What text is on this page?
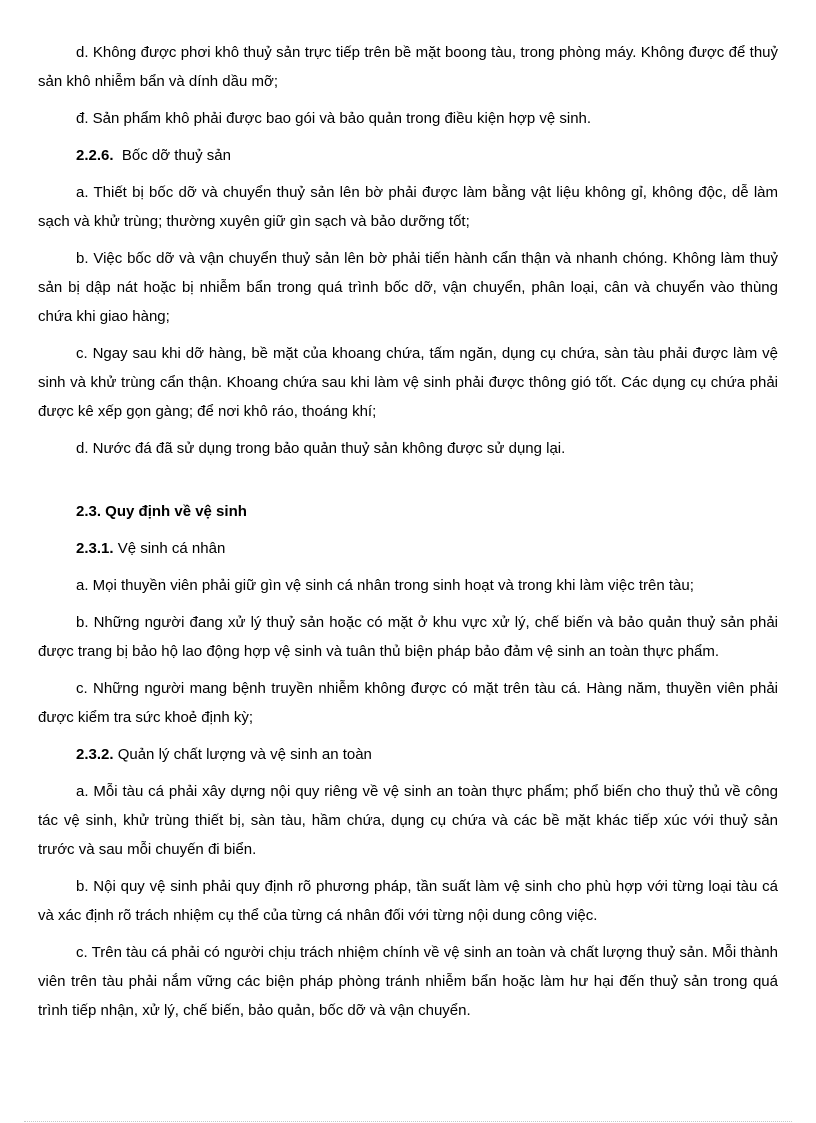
d. Không được phơi khô thuỷ sản trực tiếp trên bề mặt boong tàu, trong phòng máy. Không được để thuỷ sản khô nhiễm bẩn và dính dầu mỡ;

đ. Sản phẩm khô phải được bao gói và bảo quản trong điều kiện hợp vệ sinh.

2.2.6. Bốc dỡ thuỷ sản

a. Thiết bị bốc dỡ và chuyển thuỷ sản lên bờ phải được làm bằng vật liệu không gỉ, không độc, dễ làm sạch và khử trùng; thường xuyên giữ gìn sạch và bảo dưỡng tốt;

b. Việc bốc dỡ và vận chuyển thuỷ sản lên bờ phải tiến hành cẩn thận và nhanh chóng. Không làm thuỷ sản bị dập nát hoặc bị nhiễm bẩn trong quá trình bốc dỡ, vận chuyển, phân loại, cân và chuyển vào thùng chứa khi giao hàng;

c. Ngay sau khi dỡ hàng, bề mặt của khoang chứa, tấm ngăn, dụng cụ chứa, sàn tàu phải được làm vệ sinh và khử trùng cẩn thận. Khoang chứa sau khi làm vệ sinh phải được thông gió tốt. Các dụng cụ chứa phải được kê xếp gọn gàng; để nơi khô ráo, thoáng khí;

d. Nước đá đã sử dụng trong bảo quản thuỷ sản không được sử dụng lại.

2.3. Quy định về vệ sinh

2.3.1. Vệ sinh cá nhân

a. Mọi thuyền viên phải giữ gìn vệ sinh cá nhân trong sinh hoạt và trong khi làm việc trên tàu;

b. Những người đang xử lý thuỷ sản hoặc có mặt ở khu vực xử lý, chế biến và bảo quản thuỷ sản phải được trang bị bảo hộ lao động hợp vệ sinh và tuân thủ biện pháp bảo đảm vệ sinh an toàn thực phẩm.

c. Những người mang bệnh truyền nhiễm không được có mặt trên tàu cá. Hàng năm, thuyền viên phải được kiểm tra sức khoẻ định kỳ;

2.3.2. Quản lý chất lượng và vệ sinh an toàn

a. Mỗi tàu cá phải xây dựng nội quy riêng về vệ sinh an toàn thực phẩm; phổ biến cho thuỷ thủ về công tác vệ sinh, khử trùng thiết bị, sàn tàu, hầm chứa, dụng cụ chứa và các bề mặt khác tiếp xúc với thuỷ sản trước và sau mỗi chuyến đi biển.

b. Nội quy vệ sinh phải quy định rõ phương pháp, tần suất làm vệ sinh cho phù hợp với từng loại tàu cá và xác định rõ trách nhiệm cụ thể của từng cá nhân đối với từng nội dung công việc.

c. Trên tàu cá phải có người chịu trách nhiệm chính về vệ sinh an toàn và chất lượng thuỷ sản. Mỗi thành viên trên tàu phải nắm vững các biện pháp phòng tránh nhiễm bẩn hoặc làm hư hại đến thuỷ sản trong quá trình tiếp nhận, xử lý, chế biến, bảo quản, bốc dỡ và vận chuyển.
